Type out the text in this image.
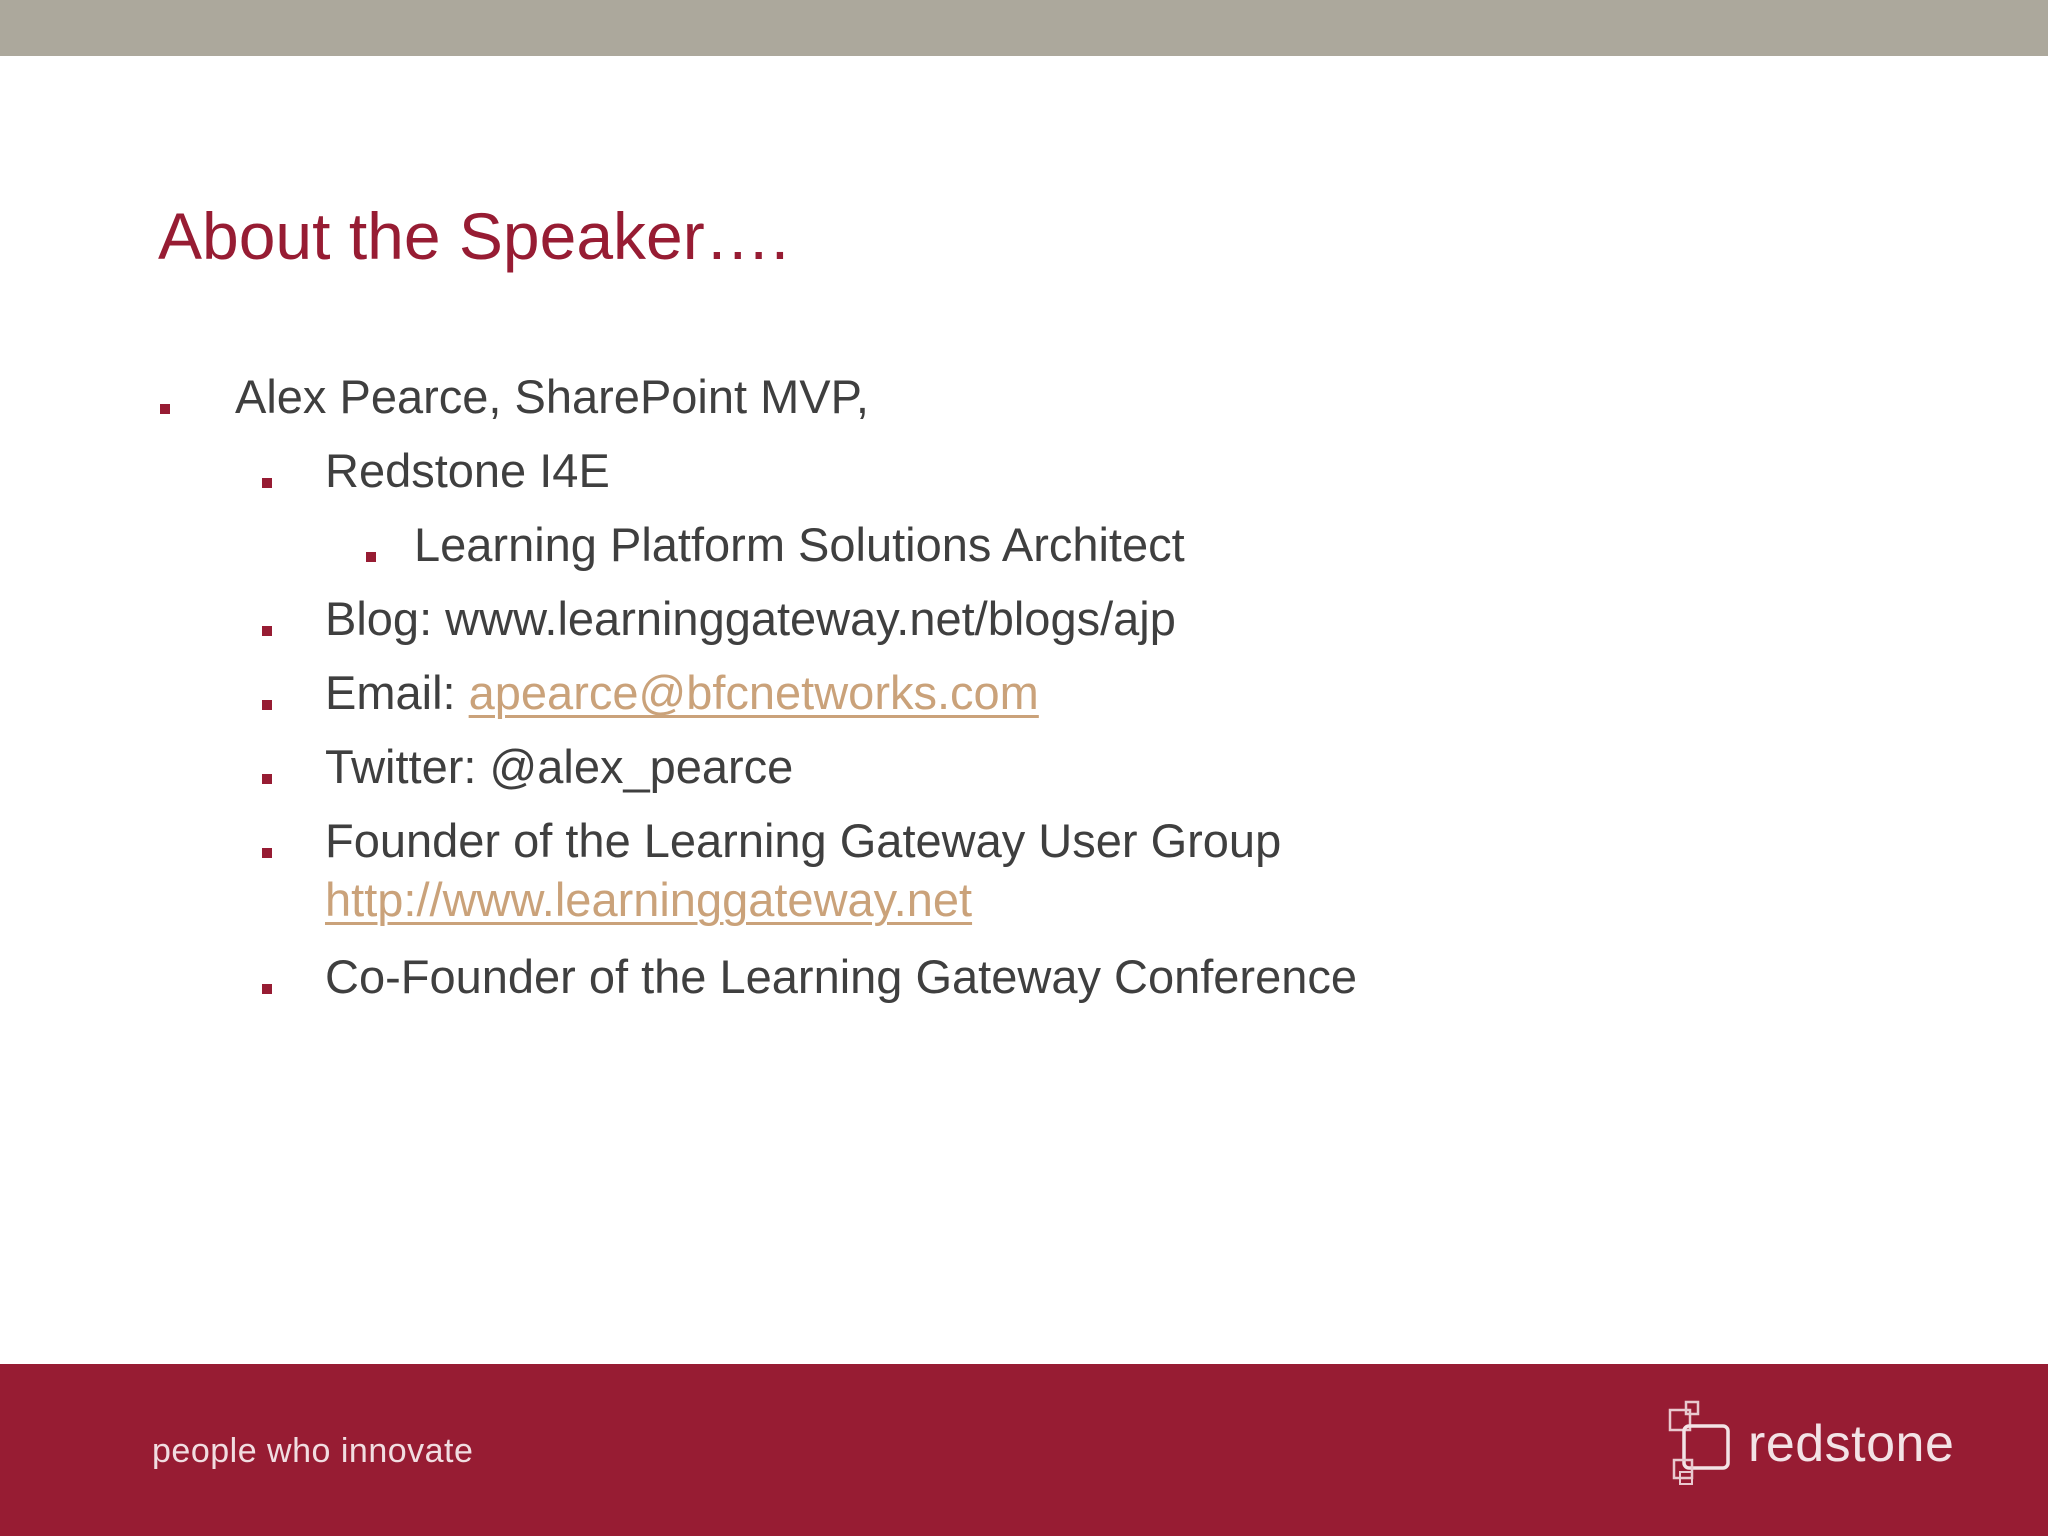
About the Speaker….
Alex Pearce, SharePoint MVP,
Redstone I4E
Learning Platform Solutions Architect
Blog: www.learninggateway.net/blogs/ajp
Email: apearce@bfcnetworks.com
Twitter: @alex_pearce
Founder of the Learning Gateway User Group
http://www.learninggateway.net
Co-Founder of the Learning Gateway Conference
people who innovate	redstone
